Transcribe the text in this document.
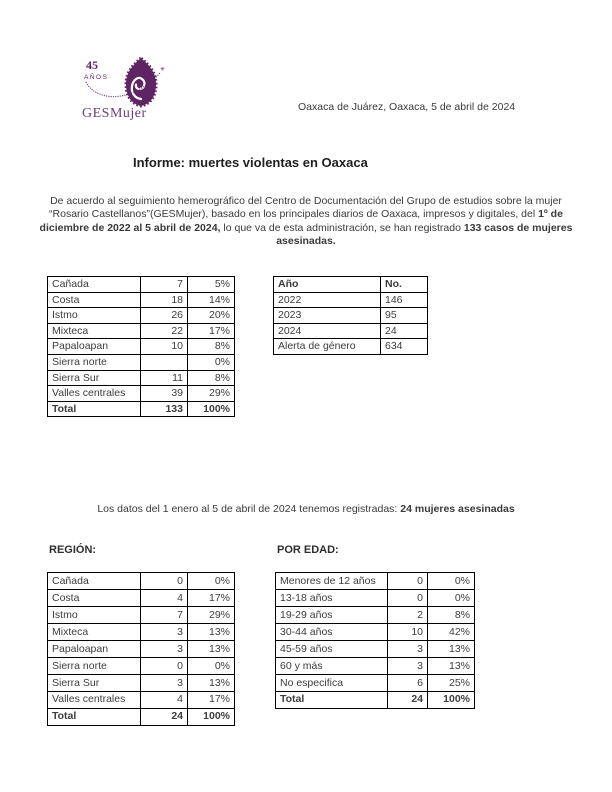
45
AÑOS
✳
GESMujer	Oaxaca de Juárez, Oaxaca, 5 de abril de 2024
Informe: muertes violentas en Oaxaca
De acuerdo al seguimiento hemerográfico del Centro de Documentación del Grupo de estudios sobre la mujer “Rosario Castellanos”(GESMujer), basado en los principales diarios de Oaxaca, impresos y digitales, del 1º de diciembre de 2022 al 5 abril de 2024, lo que va de esta administración, se han registrado 133 casos de mujeres asesinadas.
Cañada	7	5%
Costa	18	14%
Istmo	26	20%
Mixteca	22	17%
Papaloapan	10	8%
Sierra norte		0%
Sierra Sur	11	8%
Valles centrales	39	29%
Total	133	100%
Año	No.
2022	146
2023	95
2024	24
Alerta de género	634
Los datos del 1 enero al 5 de abril de 2024 tenemos registradas: 24 mujeres asesinadas
REGIÓN:	POR EDAD:
Cañada	0	0%
Costa	4	17%
Istmo	7	29%
Mixteca	3	13%
Papaloapan	3	13%
Sierra norte	0	0%
Sierra Sur	3	13%
Valles centrales	4	17%
Total	24	100%
Menores de 12 años	0	0%
13-18 años	0	0%
19-29 años	2	8%
30-44 años	10	42%
45-59 años	3	13%
60 y más	3	13%
No especifica	6	25%
Total	24	100%
